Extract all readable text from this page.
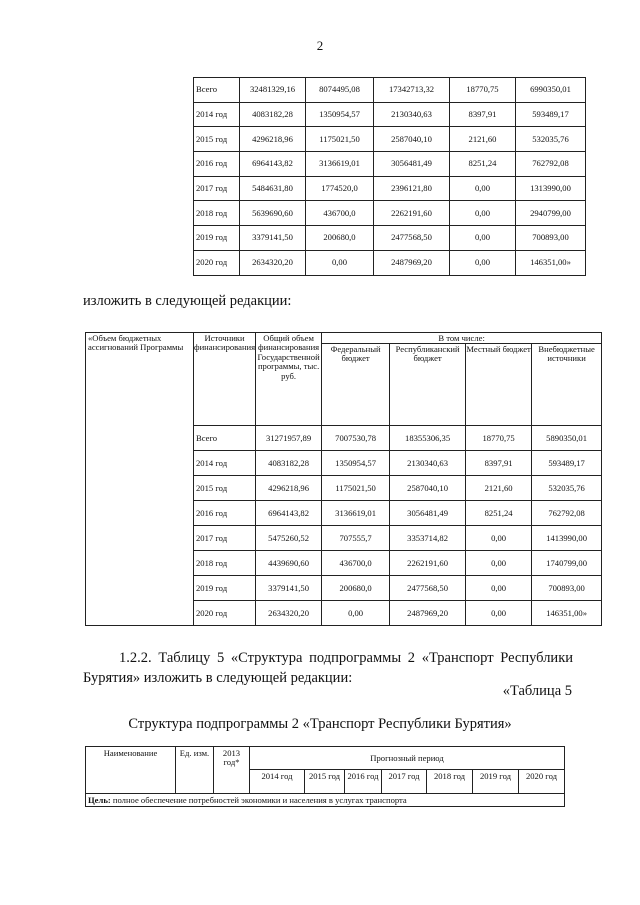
2
Всего	32481329,16	8074495,08	17342713,32	18770,75	6990350,01
2014 год	4083182,28	1350954,57	2130340,63	8397,91	593489,17
2015 год	4296218,96	1175021,50	2587040,10	2121,60	532035,76
2016 год	6964143,82	3136619,01	3056481,49	8251,24	762792,08
2017 год	5484631,80	1774520,0	2396121,80	0,00	1313990,00
2018 год	5639690,60	436700,0	2262191,60	0,00	2940799,00
2019 год	3379141,50	200680,0	2477568,50	0,00	700893,00
2020 год	2634320,20	0,00	2487969,20	0,00	146351,00»
изложить в следующей редакции:
«Объем бюджетных ассигнований Программы	Источники финансирования	Общий объем финансирования Государственной программы, тыс. руб.	В том числе:			
			Федеральный бюджет	Республиканский бюджет	Местный бюджет	Внебюджетные источники
	Всего	31271957,89	7007530,78	18355306,35	18770,75	5890350,01
	2014 год	4083182,28	1350954,57	2130340,63	8397,91	593489,17
	2015 год	4296218,96	1175021,50	2587040,10	2121,60	532035,76
	2016 год	6964143,82	3136619,01	3056481,49	8251,24	762792,08
	2017 год	5475260,52	707555,7	3353714,82	0,00	1413990,00
	2018 год	4439690,60	436700,0	2262191,60	0,00	1740799,00
	2019 год	3379141,50	200680,0	2477568,50	0,00	700893,00
	2020 год	2634320,20	0,00	2487969,20	0,00	146351,00»
1.2.2. Таблицу 5 «Структура подпрограммы 2 «Транспорт Республики Бурятия» изложить в следующей редакции:
«Таблица 5
Структура подпрограммы 2 «Транспорт Республики Бурятия»
Наименование	Ед. изм.	2013 год*	Прогнозный период						
			2014 год	2015 год	2016 год	2017 год	2018 год	2019 год	2020 год
Цель: полное обеспечение потребностей экономики и населения в услугах транспорта									
